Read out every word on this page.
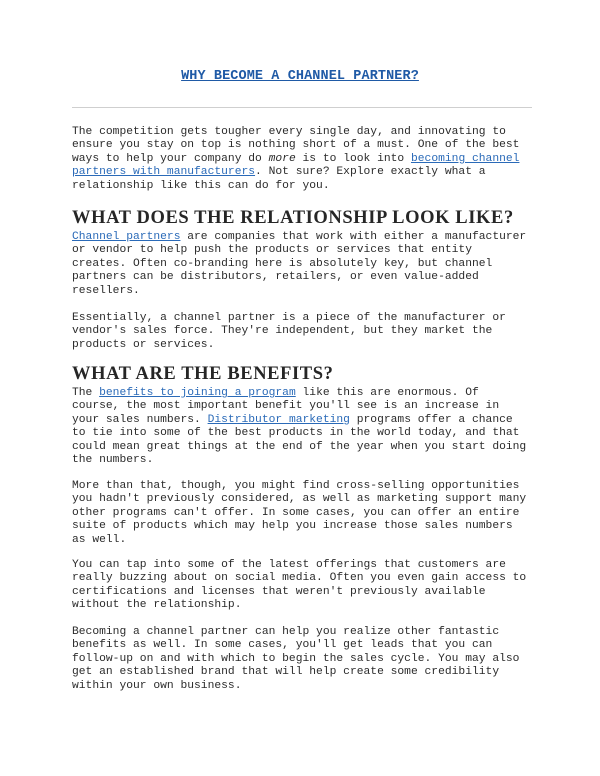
WHY BECOME A CHANNEL PARTNER?

The competition gets tougher every single day, and innovating to ensure you stay on top is nothing short of a must. One of the best ways to help your company do more is to look into becoming channel partners with manufacturers. Not sure? Explore exactly what a relationship like this can do for you.

WHAT DOES THE RELATIONSHIP LOOK LIKE?

Channel partners are companies that work with either a manufacturer or vendor to help push the products or services that entity creates. Often co-branding here is absolutely key, but channel partners can be distributors, retailers, or even value-added resellers.

Essentially, a channel partner is a piece of the manufacturer or vendor's sales force. They're independent, but they market the products or services.

WHAT ARE THE BENEFITS?

The benefits to joining a program like this are enormous. Of course, the most important benefit you'll see is an increase in your sales numbers. Distributor marketing programs offer a chance to tie into some of the best products in the world today, and that could mean great things at the end of the year when you start doing the numbers.

More than that, though, you might find cross-selling opportunities you hadn't previously considered, as well as marketing support many other programs can't offer. In some cases, you can offer an entire suite of products which may help you increase those sales numbers as well.

You can tap into some of the latest offerings that customers are really buzzing about on social media. Often you even gain access to certifications and licenses that weren't previously available without the relationship.

Becoming a channel partner can help you realize other fantastic benefits as well. In some cases, you'll get leads that you can follow-up on and with which to begin the sales cycle. You may also get an established brand that will help create some credibility within your own business.
